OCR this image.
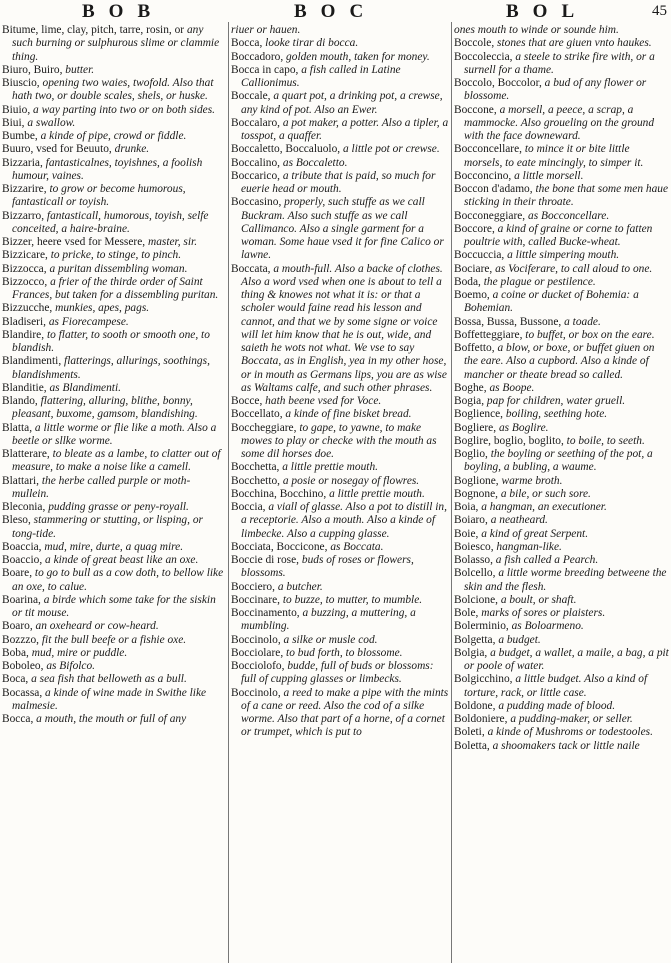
BOB	BOC	BOL	45

Bitume, lime, clay, pitch, tarre, rosin, or any such burning or sulphurous slime or clammie thing.

Biuro, Buiro, butter.

Biuscio, opening two waies, twofold. Also that hath two, or double scales, shels, or huske.

Biuio, a way parting into two or on both sides.

Biui, a swallow.

Bumbe, a kinde of pipe, crowd or fiddle.

Buuro, vsed for Beuuto, drunke.

Bizzaria, fantasticalnes, toyishnes, a foolish humour, vaines.

Bizzarire, to grow or become humorous, fantasticall or toyish.

Bizzarro, fantasticall, humorous, toyish, selfe conceited, a haire-braine.

Bizzer, heere vsed for Messere, master, sir.

Bizzicare, to pricke, to stinge, to pinch.

Bizzocca, a puritan dissembling woman.

Bizzocco, a frier of the thirde order of Saint Frances, but taken for a dissembling puritan.

Bizzucche, munkies, apes, pags.

Bladiseri, as Fiorecampese.

Blandire, to flatter, to sooth or smooth one, to blandish.

Blandimenti, flatterings, allurings, soothings, blandishments.

Blanditie, as Blandimenti.

Blando, flattering, alluring, blithe, bonny, pleasant, buxome, gamsom, blandishing.

Blatta, a little worme or flie like a moth. Also a beetle or sllke worme.

Blatterare, to bleate as a lambe, to clatter out of measure, to make a noise like a camell.

Blattari, the herbe called purple or moth-mullein.

Bleconia, pudding grasse or peny-royall.

Bleso, stammering or stutting, or lisping, or tong-tide.

Boaccia, mud, mire, durte, a quag mire.

Boaccio, a kinde of great beast like an oxe.

Boare, to go to bull as a cow doth, to bellow like an oxe, to calue.

Boarina, a birde which some take for the siskin or tit mouse.

Boaro, an oxeheard or cow-heard.

Bozzzo, fit the bull beefe or a fishie oxe.

Boba, mud, mire or puddle.

Boboleo, as Bifolco.

Boca, a sea fish that belloweth as a bull.

Bocassa, a kinde of wine made in Swithe like malmesie.

Bocca, a mouth, the mouth or full of any

riuer or hauen.

Bocca, looke tirar di bocca.

Boccadoro, golden mouth, taken for money.

Bocca in capo, a fish called in Latine Callionimus.

Boccale, a quart pot, a drinking pot, a crewse, any kind of pot. Also an Ewer.

Boccalaro, a pot maker, a potter. Also a tipler, a tosspot, a quaffer.

Boccaletto, Boccaluolo, a little pot or crewse.

Boccalino, as Boccaletto.

Boccarico, a tribute that is paid, so much for euerie head or mouth.

Boccasino, properly, such stuffe as we call Buckram. Also such stuffe as we call Callimanco. Also a single garment for a woman. Some haue vsed it for fine Calico or lawne.

Boccata, a mouth-full. Also a backe of clothes. Also a word vsed when one is about to tell a thing & knowes not what it is: or that a scholer would faine read his lesson and cannot, and that we by some signe or voice will let him know that he is out, wide, and saieth he wots not what. We vse to say Boccata, as in English, yea in my other hose, or in mouth as Germans lips, you are as wise as Waltams calfe, and such other phrases.

Bocce, hath beene vsed for Voce.

Boccellato, a kinde of fine bisket bread.

Boccheggiare, to gape, to yawne, to make mowes to play or checke with the mouth as some dil horses doe.

Bocchetta, a little prettie mouth.

Bocchetto, a posie or nosegay of flowres.

Bocchina, Bocchino, a little prettie mouth.

Boccia, a viall of glasse. Also a pot to distill in, a receptorie. Also a mouth. Also a kinde of limbecke. Also a cupping glasse.

Bocciata, Boccicone, as Boccata.

Boccie di rose, buds of roses or flowers, blossoms.

Bocciero, a butcher.

Boccinare, to buzze, to mutter, to mumble.

Boccinamento, a buzzing, a muttering, a mumbling.

Boccinolo, a silke or musle cod.

Bocciolare, to bud forth, to blossome.

Bocciolofo, budde, full of buds or blossoms: full of cupping glasses or limbecks.

Boccinolo, a reed to make a pipe with the mints of a cane or reed. Also the cod of a silke worme. Also that part of a horne, of a cornet or trumpet, which is put to

ones mouth to winde or sounde him.

Boccole, stones that are giuen vnto haukes.

Boccoleccia, a steele to strike fire with, or a surnell for a thame.

Boccolo, Boccolor, a bud of any flower or blossome.

Boccone, a morsell, a peece, a scrap, a mammocke. Also groueling on the ground with the face downeward.

Bocconcellare, to mince it or bite little morsels, to eate mincingly, to simper it.

Bocconcino, a little morsell.

Boccon d'adamo, the bone that some men haue sticking in their throate.

Bocconeggiare, as Bocconcellare.

Boccore, a kind of graine or corne to fatten poultrie with, called Bucke-wheat.

Boccuccia, a little simpering mouth.

Bociare, as Vociferare, to call aloud to one.

Boda, the plague or pestilence.

Boemo, a coine or ducket of Bohemia: a Bohemian.

Bossa, Bussa, Bussone, a toade.

Boffetteggiare, to buffet, or box on the eare.

Boffetto, a blow, or boxe, or buffet giuen on the eare. Also a cupbord. Also a kinde of mancher or theate bread so called.

Boghe, as Boope.

Bogia, pap for children, water gruell.

Boglience, boiling, seething hote.

Bogliere, as Boglire.

Boglire, boglio, boglito, to boile, to seeth.

Boglio, the boyling or seething of the pot, a boyling, a bubling, a waume.

Boglione, warme broth.

Bognone, a bile, or such sore.

Boia, a hangman, an executioner.

Boiaro, a neatheard.

Boie, a kind of great Serpent.

Boiesco, hangman-like.

Bolasso, a fish called a Pearch.

Bolcello, a little worme breeding betweene the skin and the flesh.

Bolcione, a boult, or shaft.

Bole, marks of sores or plaisters.

Bolerminio, as Boloarmeno.

Bolgetta, a budget.

Bolgia, a budget, a wallet, a maile, a bag, a pit or poole of water.

Bolgicchino, a little budget. Also a kind of torture, rack, or little case.

Boldone, a pudding made of blood.

Boldoniere, a pudding-maker, or seller.

Boleti, a kinde of Mushroms or todestooles.

Boletta, a shoomakers tack or little naile
